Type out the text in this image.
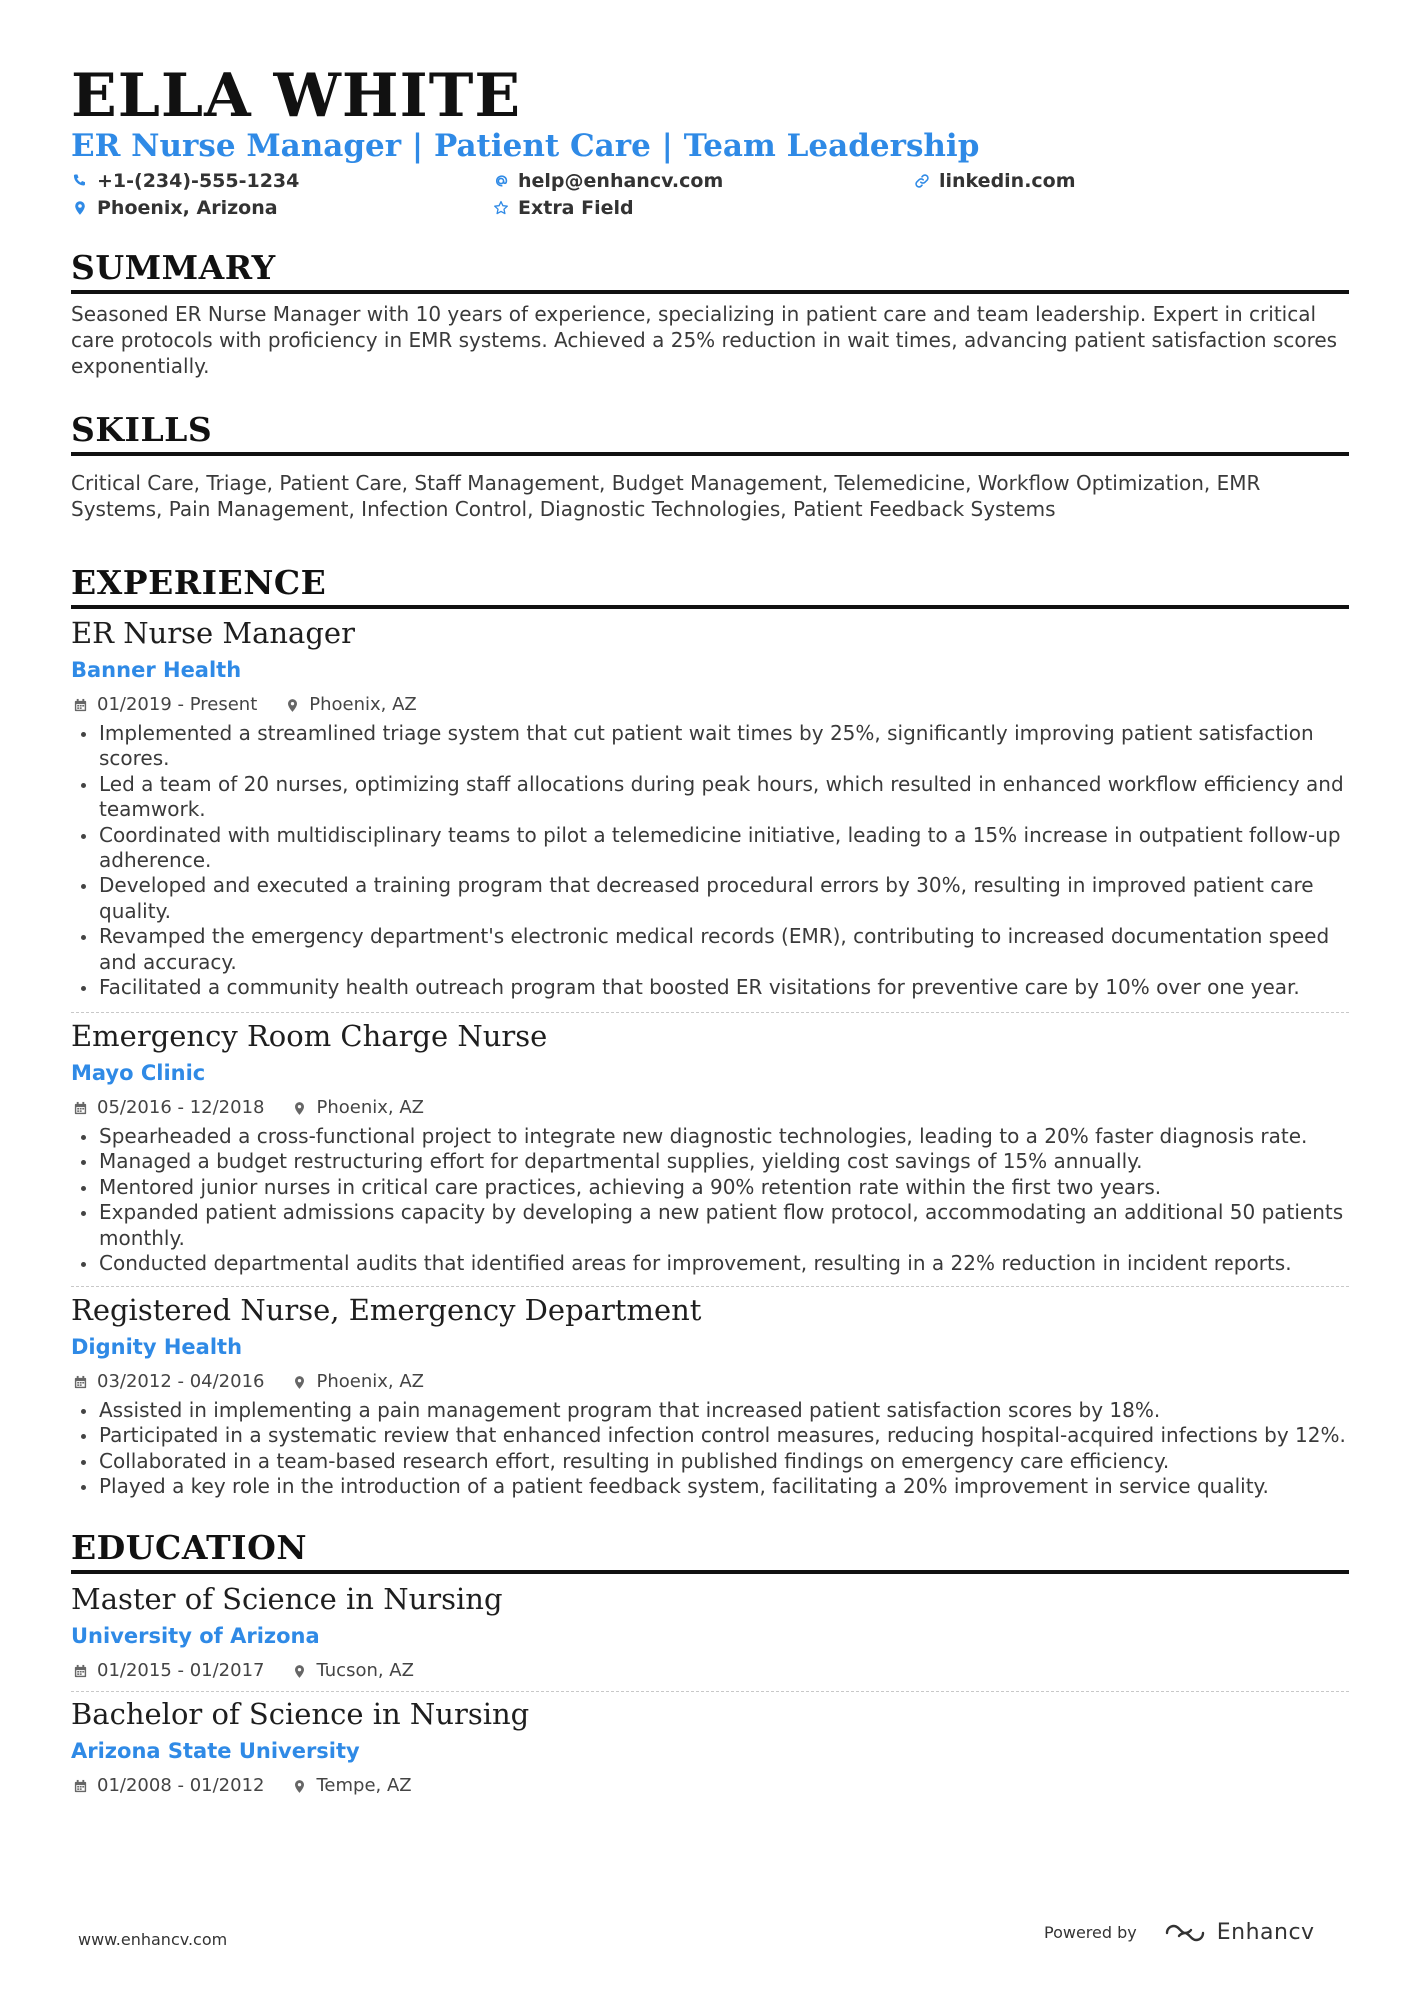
ELLA WHITE
ER Nurse Manager | Patient Care | Team Leadership
+1-(234)-555-1234	help@enhancv.com	linkedin.com
Phoenix, Arizona	Extra Field
SUMMARY
Seasoned ER Nurse Manager with 10 years of experience, specializing in patient care and team leadership. Expert in critical care protocols with proficiency in EMR systems. Achieved a 25% reduction in wait times, advancing patient satisfaction scores exponentially.
SKILLS
Critical Care, Triage, Patient Care, Staff Management, Budget Management, Telemedicine, Workflow Optimization, EMR Systems, Pain Management, Infection Control, Diagnostic Technologies, Patient Feedback Systems
EXPERIENCE
ER Nurse Manager
Banner Health
01/2019 - Present	Phoenix, AZ
Implemented a streamlined triage system that cut patient wait times by 25%, significantly improving patient satisfaction scores.
Led a team of 20 nurses, optimizing staff allocations during peak hours, which resulted in enhanced workflow efficiency and teamwork.
Coordinated with multidisciplinary teams to pilot a telemedicine initiative, leading to a 15% increase in outpatient follow-up adherence.
Developed and executed a training program that decreased procedural errors by 30%, resulting in improved patient care quality.
Revamped the emergency department's electronic medical records (EMR), contributing to increased documentation speed and accuracy.
Facilitated a community health outreach program that boosted ER visitations for preventive care by 10% over one year.
Emergency Room Charge Nurse
Mayo Clinic
05/2016 - 12/2018	Phoenix, AZ
Spearheaded a cross-functional project to integrate new diagnostic technologies, leading to a 20% faster diagnosis rate.
Managed a budget restructuring effort for departmental supplies, yielding cost savings of 15% annually.
Mentored junior nurses in critical care practices, achieving a 90% retention rate within the first two years.
Expanded patient admissions capacity by developing a new patient flow protocol, accommodating an additional 50 patients monthly.
Conducted departmental audits that identified areas for improvement, resulting in a 22% reduction in incident reports.
Registered Nurse, Emergency Department
Dignity Health
03/2012 - 04/2016	Phoenix, AZ
Assisted in implementing a pain management program that increased patient satisfaction scores by 18%.
Participated in a systematic review that enhanced infection control measures, reducing hospital-acquired infections by 12%.
Collaborated in a team-based research effort, resulting in published findings on emergency care efficiency.
Played a key role in the introduction of a patient feedback system, facilitating a 20% improvement in service quality.
EDUCATION
Master of Science in Nursing
University of Arizona
01/2015 - 01/2017	Tucson, AZ
Bachelor of Science in Nursing
Arizona State University
01/2008 - 01/2012	Tempe, AZ
www.enhancv.com	Powered by	Enhancv
